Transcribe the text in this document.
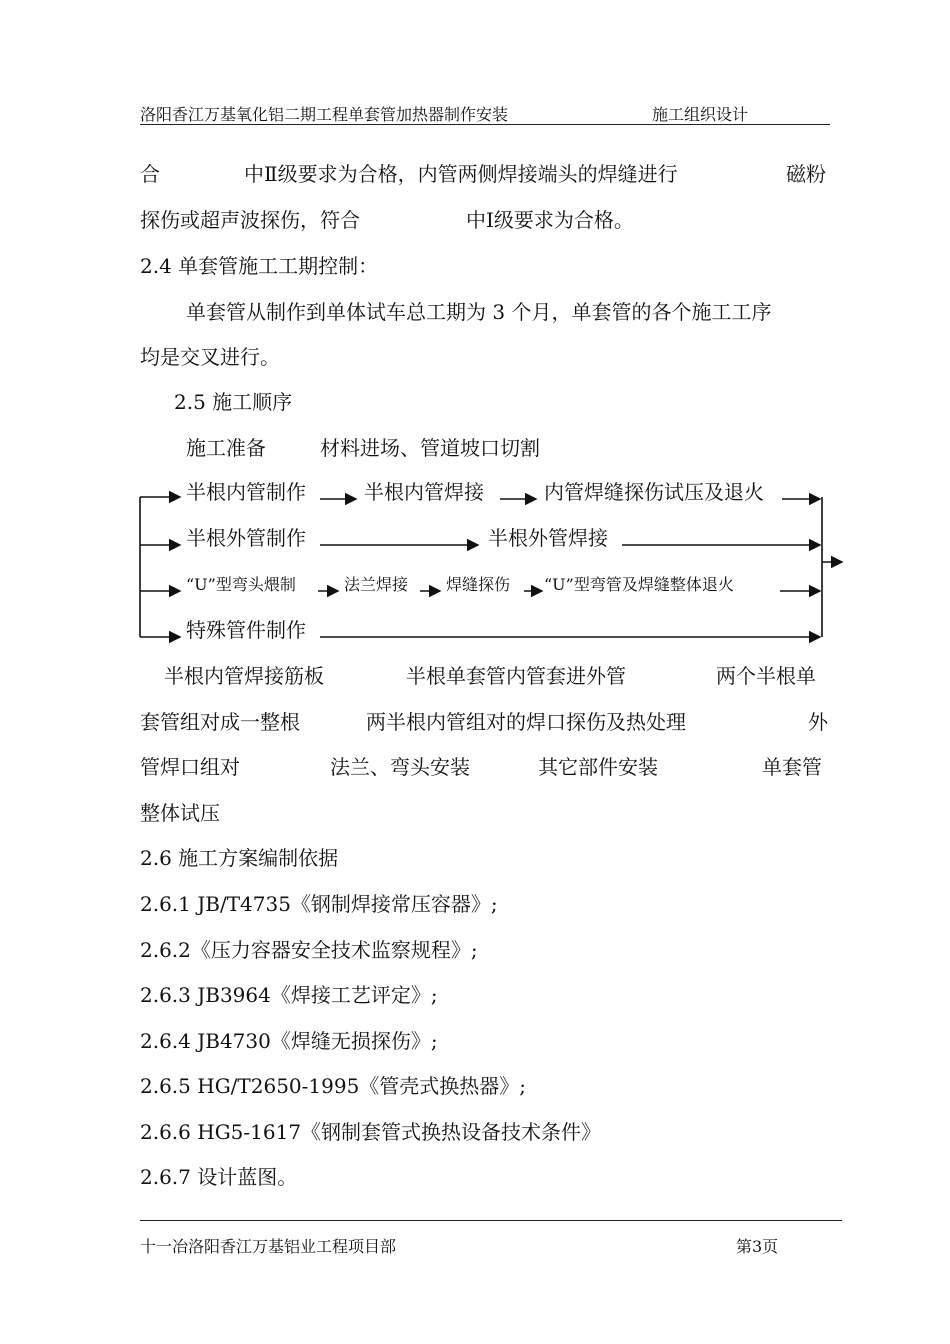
洛阳香江万基氧化铝二期工程单套管加热器制作安装	施工组织设计
合	中Ⅱ级要求为合格，内管两侧焊接端头的焊缝进行	磁粉
探伤或超声波探伤，符合	中Ⅰ级要求为合格。
2.4 单套管施工工期控制：
单套管从制作到单体试车总工期为 3 个月，单套管的各个施工工序
均是交叉进行。
2.5 施工顺序
施工准备	材料进场、管道坡口切割
半根内管制作	半根内管焊接	内管焊缝探伤试压及退火
半根外管制作	半根外管焊接
“U”型弯头煨制	法兰焊接 焊缝探伤 “U”型弯管及焊缝整体退火
特殊管件制作
半根内管焊接筋板	半根单套管内管套进外管	两个半根单
套管组对成一整根	两半根内管组对的焊口探伤及热处理	外
管焊口组对	法兰、弯头安装	其它部件安装	单套管
整体试压
2.6 施工方案编制依据
2.6.1 JB/T4735《钢制焊接常压容器》;
2.6.2《压力容器安全技术监察规程》;
2.6.3 JB3964《焊接工艺评定》;
2.6.4 JB4730《焊缝无损探伤》;
2.6.5 HG/T2650-1995《管壳式换热器》;
2.6.6 HG5-1617《钢制套管式换热设备技术条件》
2.6.7 设计蓝图。
十一冶洛阳香江万基铝业工程项目部	第3页
